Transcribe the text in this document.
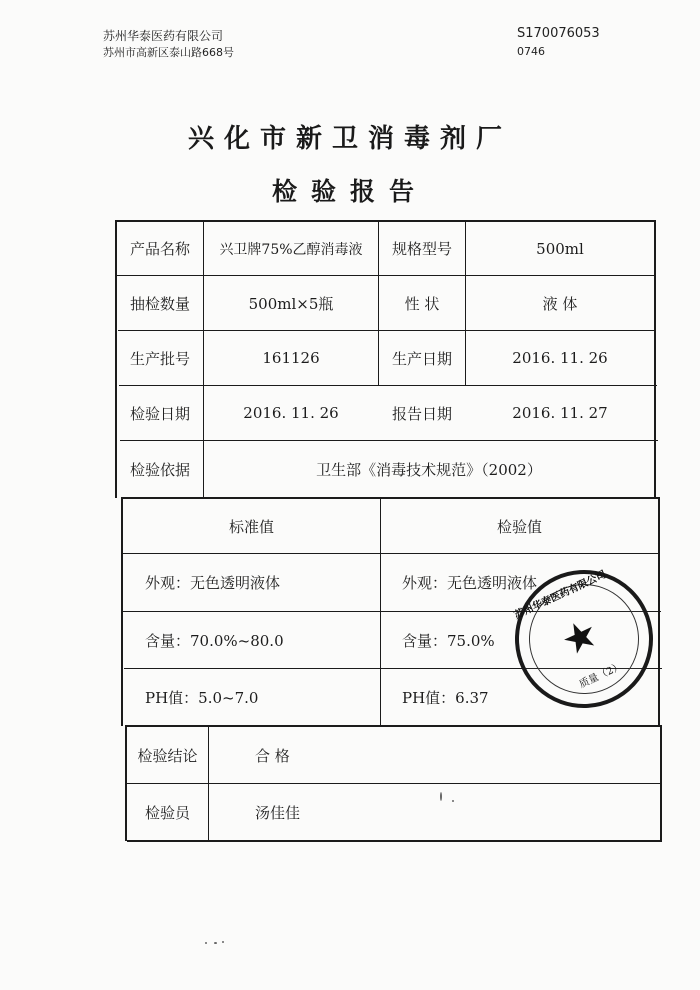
苏州华泰医药有限公司
苏州市高新区泰山路668号
S170076053
0746
兴化市新卫消毒剂厂
检验报告
产品名称	兴卫牌75%乙醇消毒液	规格型号	500ml
抽检数量	500ml×5瓶	性 状	液 体
生产批号	161126	生产日期	2016. 11. 26
检验日期	2016. 11. 26	报告日期	2016. 11. 27
检验依据	卫生部《消毒技术规范》（2002）
标准值	检验值
外观：无色透明液体	外观：无色透明液体
含量：70.0%~80.0	含量：75.0%
PH值：5.0~7.0	PH值：6.37
检验结论	合 格
检验员	汤佳佳
苏州华泰医药有限公司
★
质量（2）
